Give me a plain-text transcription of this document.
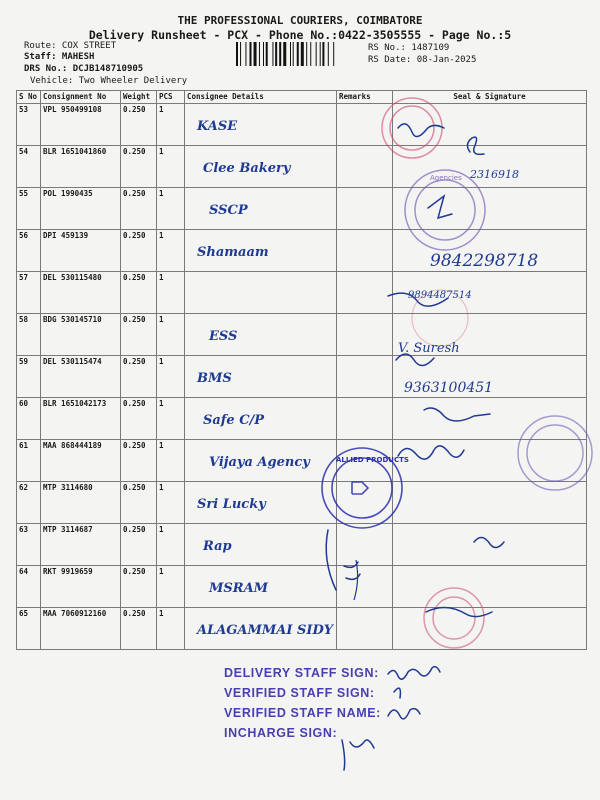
THE PROFESSIONAL COURIERS, COIMBATORE
Delivery Runsheet - PCX - Phone No.:0422-3505555 - Page No.:5
Route: COX STREET
Staff: MAHESH
DRS No.: DCJB148710905
Vehicle: Two Wheeler Delivery
RS No.: 1487109
RS Date: 08-Jan-2025
S No	Consignment No	Weight	PCS	Consignee Details	Remarks	Seal & Signature
53	VPL 950499108	0.250	1	KASE		

54	BLR 1651041860	0.250	1	Clee Bakery		

55	POL 1990435	0.250	1	SSCP		

56	DPI 459139	0.250	1	Shamaam		

57	DEL 530115480	0.250	1	

58	BDG 530145710	0.250	1	ESS		

59	DEL 530115474	0.250	1	BMS		

60	BLR 1651042173	0.250	1	Safe C/P		

61	MAA 868444189	0.250	1	Vijaya Agency		

62	MTP 3114680	0.250	1	Sri Lucky		

63	MTP 3114687	0.250	1	Rap		

64	RKT 9919659	0.250	1	MSRAM		

65	MAA 7060912160	0.250	1	ALAGAMMAI SIDY		

Agencies
ALLIED PRODUCTS
2316918
9842298718
9894487514
V. Suresh
9363100451
DELIVERY STAFF SIGN:
VERIFIED STAFF SIGN:
VERIFIED STAFF NAME:
INCHARGE SIGN:
